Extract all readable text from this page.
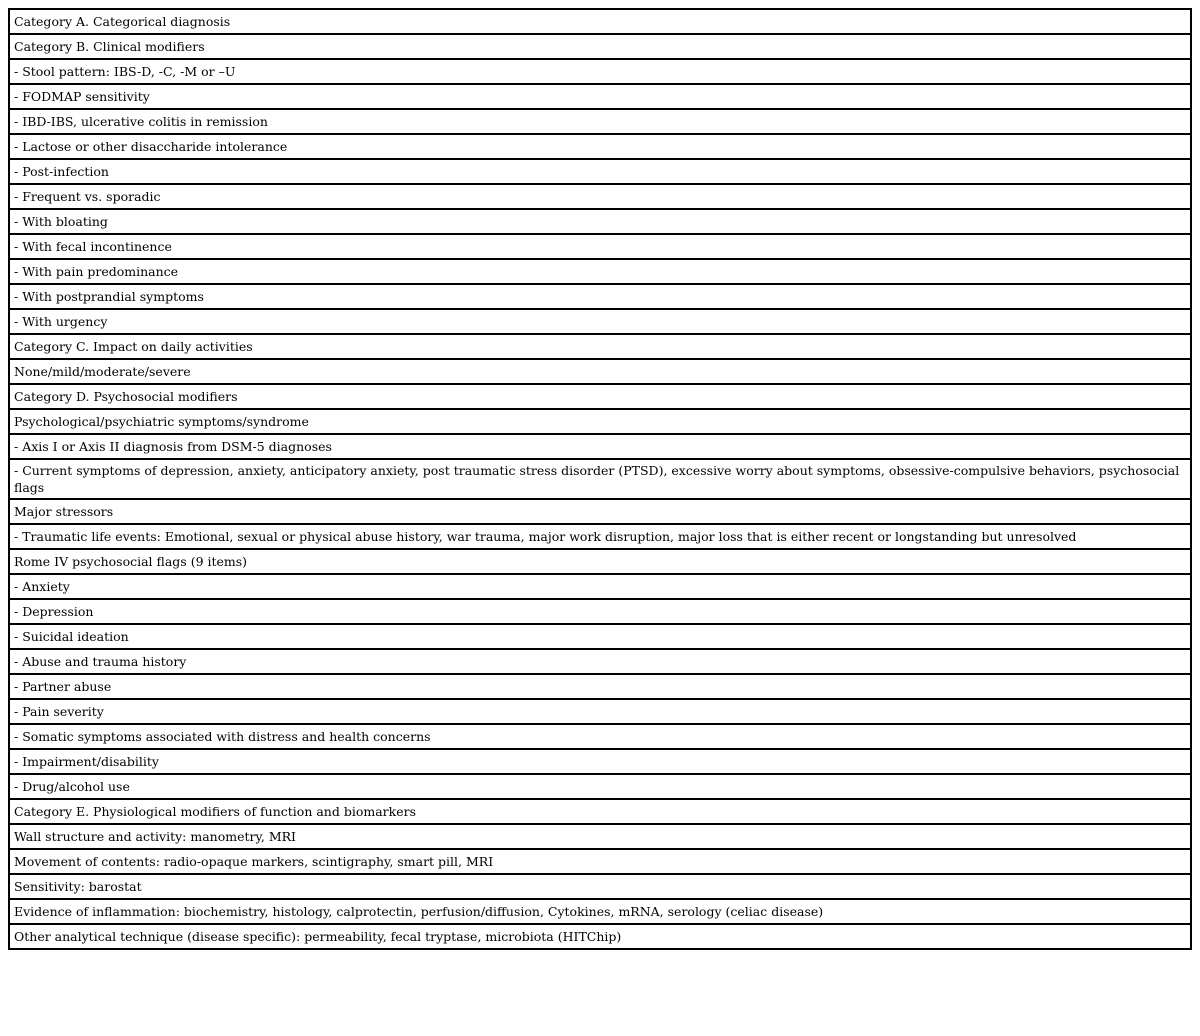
Category A. Categorical diagnosis
Category B. Clinical modifiers
- Stool pattern: IBS-D, -C, -M or –U
- FODMAP sensitivity
- IBD-IBS, ulcerative colitis in remission
- Lactose or other disaccharide intolerance
- Post-infection
- Frequent vs. sporadic
- With bloating
- With fecal incontinence
- With pain predominance
- With postprandial symptoms
- With urgency
Category C. Impact on daily activities
None/mild/moderate/severe
Category D. Psychosocial modifiers
Psychological/psychiatric symptoms/syndrome
- Axis I or Axis II diagnosis from DSM-5 diagnoses
- Current symptoms of depression, anxiety, anticipatory anxiety, post traumatic stress disorder (PTSD), excessive worry about symptoms, obsessive-compulsive behaviors, psychosocial flags
Major stressors
- Traumatic life events: Emotional, sexual or physical abuse history, war trauma, major work disruption, major loss that is either recent or longstanding but unresolved
Rome IV psychosocial flags (9 items)
- Anxiety
- Depression
- Suicidal ideation
- Abuse and trauma history
- Partner abuse
- Pain severity
- Somatic symptoms associated with distress and health concerns
- Impairment/disability
- Drug/alcohol use
Category E. Physiological modifiers of function and biomarkers
Wall structure and activity: manometry, MRI
Movement of contents: radio-opaque markers, scintigraphy, smart pill, MRI
Sensitivity: barostat
Evidence of inflammation: biochemistry, histology, calprotectin, perfusion/diffusion, Cytokines, mRNA, serology (celiac disease)
Other analytical technique (disease specific): permeability, fecal tryptase, microbiota (HITChip)
